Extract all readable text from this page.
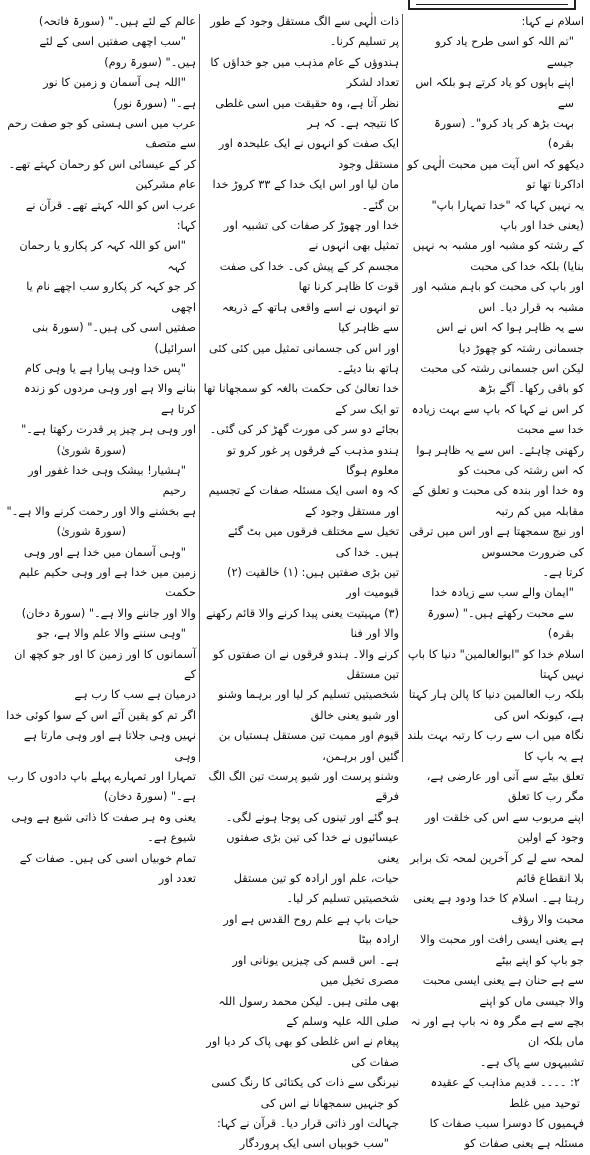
اسلام نے کہا:

"تم اللہ کو اسی طرح یاد کرو جیسے

اپنے باپوں کو یاد کرتے ہو بلکہ اس سے

بہت بڑھ کر یاد کرو"۔ (سورۃ بقرہ)

دیکھو کہ اس آیت میں محبت الٰہی کو اداکرنا تھا تو

یہ نہیں کہا کہ "خدا تمہارا باپ" (یعنی خدا اور باپ

کے رشتہ کو مشبہ اور مشبہ بہ نہیں بنایا) بلکہ خدا کی محبت

اور باپ کی محبت کو باہم مشبہ اور مشبہ بہ قرار دیا۔ اس

سے یہ ظاہر ہوا کہ اس نے اس جسمانی رشتہ کو چھوڑ دیا

لیکن اس جسمانی رشتہ کی محبت کو باقی رکھا۔ آگے بڑھ

کر اس نے کہا کہ باپ سے بہت زیادہ خدا سے محبت

رکھنی چاہئے۔ اس سے یہ ظاہر ہوا کہ اس رشتہ کی محبت کو

وہ خدا اور بندہ کی محبت و تعلق کے مقابلہ میں کم رتبہ

اور نیچ سمجھتا ہے اور اس میں ترقی کی ضرورت محسوس

کرتا ہے۔

"ایمان والے سب سے زیادہ خدا

سے محبت رکھتے ہیں۔" (سورۃ بقرہ)

اسلام خدا کو "ابوالعالمین" دنیا کا باپ نہیں کہتا

بلکہ رب العالمین دنیا کا پالن ہار کہتا ہے، کیونکہ اس کی

نگاہ میں اب سے رب کا رتبہ بہت بلند ہے یہ باپ کا

تعلق بیٹے سے آنی اور عارضی ہے، مگر رب کا تعلق

اپنے مربوب سے اس کی خلقت اور وجود کے اولین

لمحہ سے لے کر آخرین لمحہ تک برابر بلا انقطاع قائم

رہتا ہے۔ اسلام کا خدا ودود ہے یعنی محبت والا رؤف

ہے یعنی ایسی رافت اور محبت والا جو باپ کو اپنے بیٹے

سے ہے حنان ہے یعنی ایسی محبت والا جیسی ماں کو اپنے

بچے سے ہے مگر وہ نہ باپ ہے اور نہ ماں بلکہ ان

تشبیہوں سے پاک ہے۔

۲: ۔۔۔۔ قدیم مذاہب کے عقیدہ توحید میں غلط

فہمیوں کا دوسرا سبب صفات کا مسئلہ ہے یعنی صفات کو

ذات الٰہی سے الگ مستقل وجود کے طور پر تسلیم کرنا۔

ہندوؤں کے عام مذہب میں جو خداؤں کا تعداد لشکر

نظر آتا ہے، وہ حقیقت میں اسی غلطی کا نتیجہ ہے۔ کہ ہر

ایک صفت کو انہوں نے ایک علیحدہ اور مستقل وجود

مان لیا اور اس ایک خدا کے ۳۳ کروڑ خدا بن گئے۔

خدا اور چھوڑ کر صفات کی تشبیہ اور تمثیل بھی انہوں نے

مجسم کر کے پیش کی۔ خدا کی صفت قوت کا ظاہر کرنا تھا

تو انہوں نے اسے واقعی ہاتھ کے ذریعہ سے ظاہر کیا

اور اس کی جسمانی تمثیل میں کئی کئی ہاتھ بنا دیئے۔

خدا تعالیٰ کی حکمت بالغہ کو سمجھانا تھا تو ایک سر کے

بجائے دو سر کی مورت گھڑ کر کی گئی۔

ہندو مذہب کے فرقوں پر غور کرو تو معلوم ہوگا

کہ وہ اسی ایک مسئلہ صفات کے تجسیم اور مستقل وجود کے

تخیل سے مختلف فرقوں میں بٹ گئے ہیں۔ خدا کی

تین بڑی صفتیں ہیں: (۱) خالقیت (۲) قیومیت اور

(۳) مہیتیت یعنی پیدا کرنے والا قائم رکھنے والا اور فنا

کرنے والا۔ ہندو فرقوں نے ان صفتوں کو تین مستقل

شخصیتیں تسلیم کر لیا اور برہما وشنو اور شیو یعنی خالق

قیوم اور ممیت تین مستقل ہستیاں بن گئیں اور برہمن،

وشنو پرست اور شیو پرست تین الگ الگ فرقے

ہو گئے اور تینوں کی پوجا ہونے لگی۔

عیسائیوں نے خدا کی تین بڑی صفتوں یعنی

حیات، علم اور ارادہ کو تین مستقل شخصیتیں تسلیم کر لیا۔

حیات باپ ہے علم روح القدس ہے اور ارادہ بیٹا

ہے۔ اس قسم کی چیزیں یونانی اور مصری تخیل میں

بھی ملتی ہیں۔ لیکن محمد رسول اللہ صلی اللہ علیہ وسلم کے

پیغام نے اس غلطی کو بھی پاک کر دیا اور صفات کی

نیرنگی سے ذات کی یکتائی کا رنگ کسی کو جنہیں سمجھانا نے اس کی

جہالت اور ذاتی قرار دیا۔ قرآن نے کہا:

"سب خوبیاں اسی ایک پروردگار

عالم کے لئے ہیں۔" (سورۃ فاتحہ)

"سب اچھی صفتیں اسی کے لئے

ہیں۔" (سورۃ روم)

"اللہ ہی آسمان و زمین کا نور

ہے۔" (سورۃ نور)

عرب میں اسی ہستی کو جو صفت رحم سے متصف

کر کے عیسائی اس کو رحمان کہتے تھے۔ عام مشرکین

عرب اس کو اللہ کہتے تھے۔ قرآن نے کہا:

"اس کو اللہ کہہ کر پکارو یا رحمان کہہ

کر جو کہہ کر پکارو سب اچھے نام یا اچھی

صفتیں اسی کی ہیں۔" (سورۃ بنی اسرائیل)

"پس خدا وہی پیارا ہے یا وہی کام

بنانے والا ہے اور وہی مردوں کو زندہ کرتا ہے

اور وہی ہر چیز پر قدرت رکھتا ہے۔"

(سورۃ شوریٰ)

"ہشیار! بیشک وہی خدا غفور اور رحیم

ہے بخشنے والا اور رحمت کرنے والا ہے۔"

(سورۃ شوریٰ)

"وہی آسمان میں خدا ہے اور وہی

زمین میں خدا ہے اور وہی حکیم علیم حکمت

والا اور جاننے والا ہے۔" (سورۃ دخان)

"وہی سننے والا علم والا ہے، جو

آسمانوں کا اور زمین کا اور جو کچھ ان کے

درمیان ہے سب کا رب ہے

اگر تم کو یقین آئے اس کے سوا کوئی خدا

نہیں وہی جلاتا ہے اور وہی مارتا ہے وہی

تمہارا اور تمہارے پہلے باپ دادوں کا رب

ہے۔" (سورۃ دخان)

یعنی وہ ہر صفت کا ذاتی شیع ہے وہی شیوع ہے۔

تمام خوبیاں اسی کی ہیں۔ صفات کے تعدد اور
